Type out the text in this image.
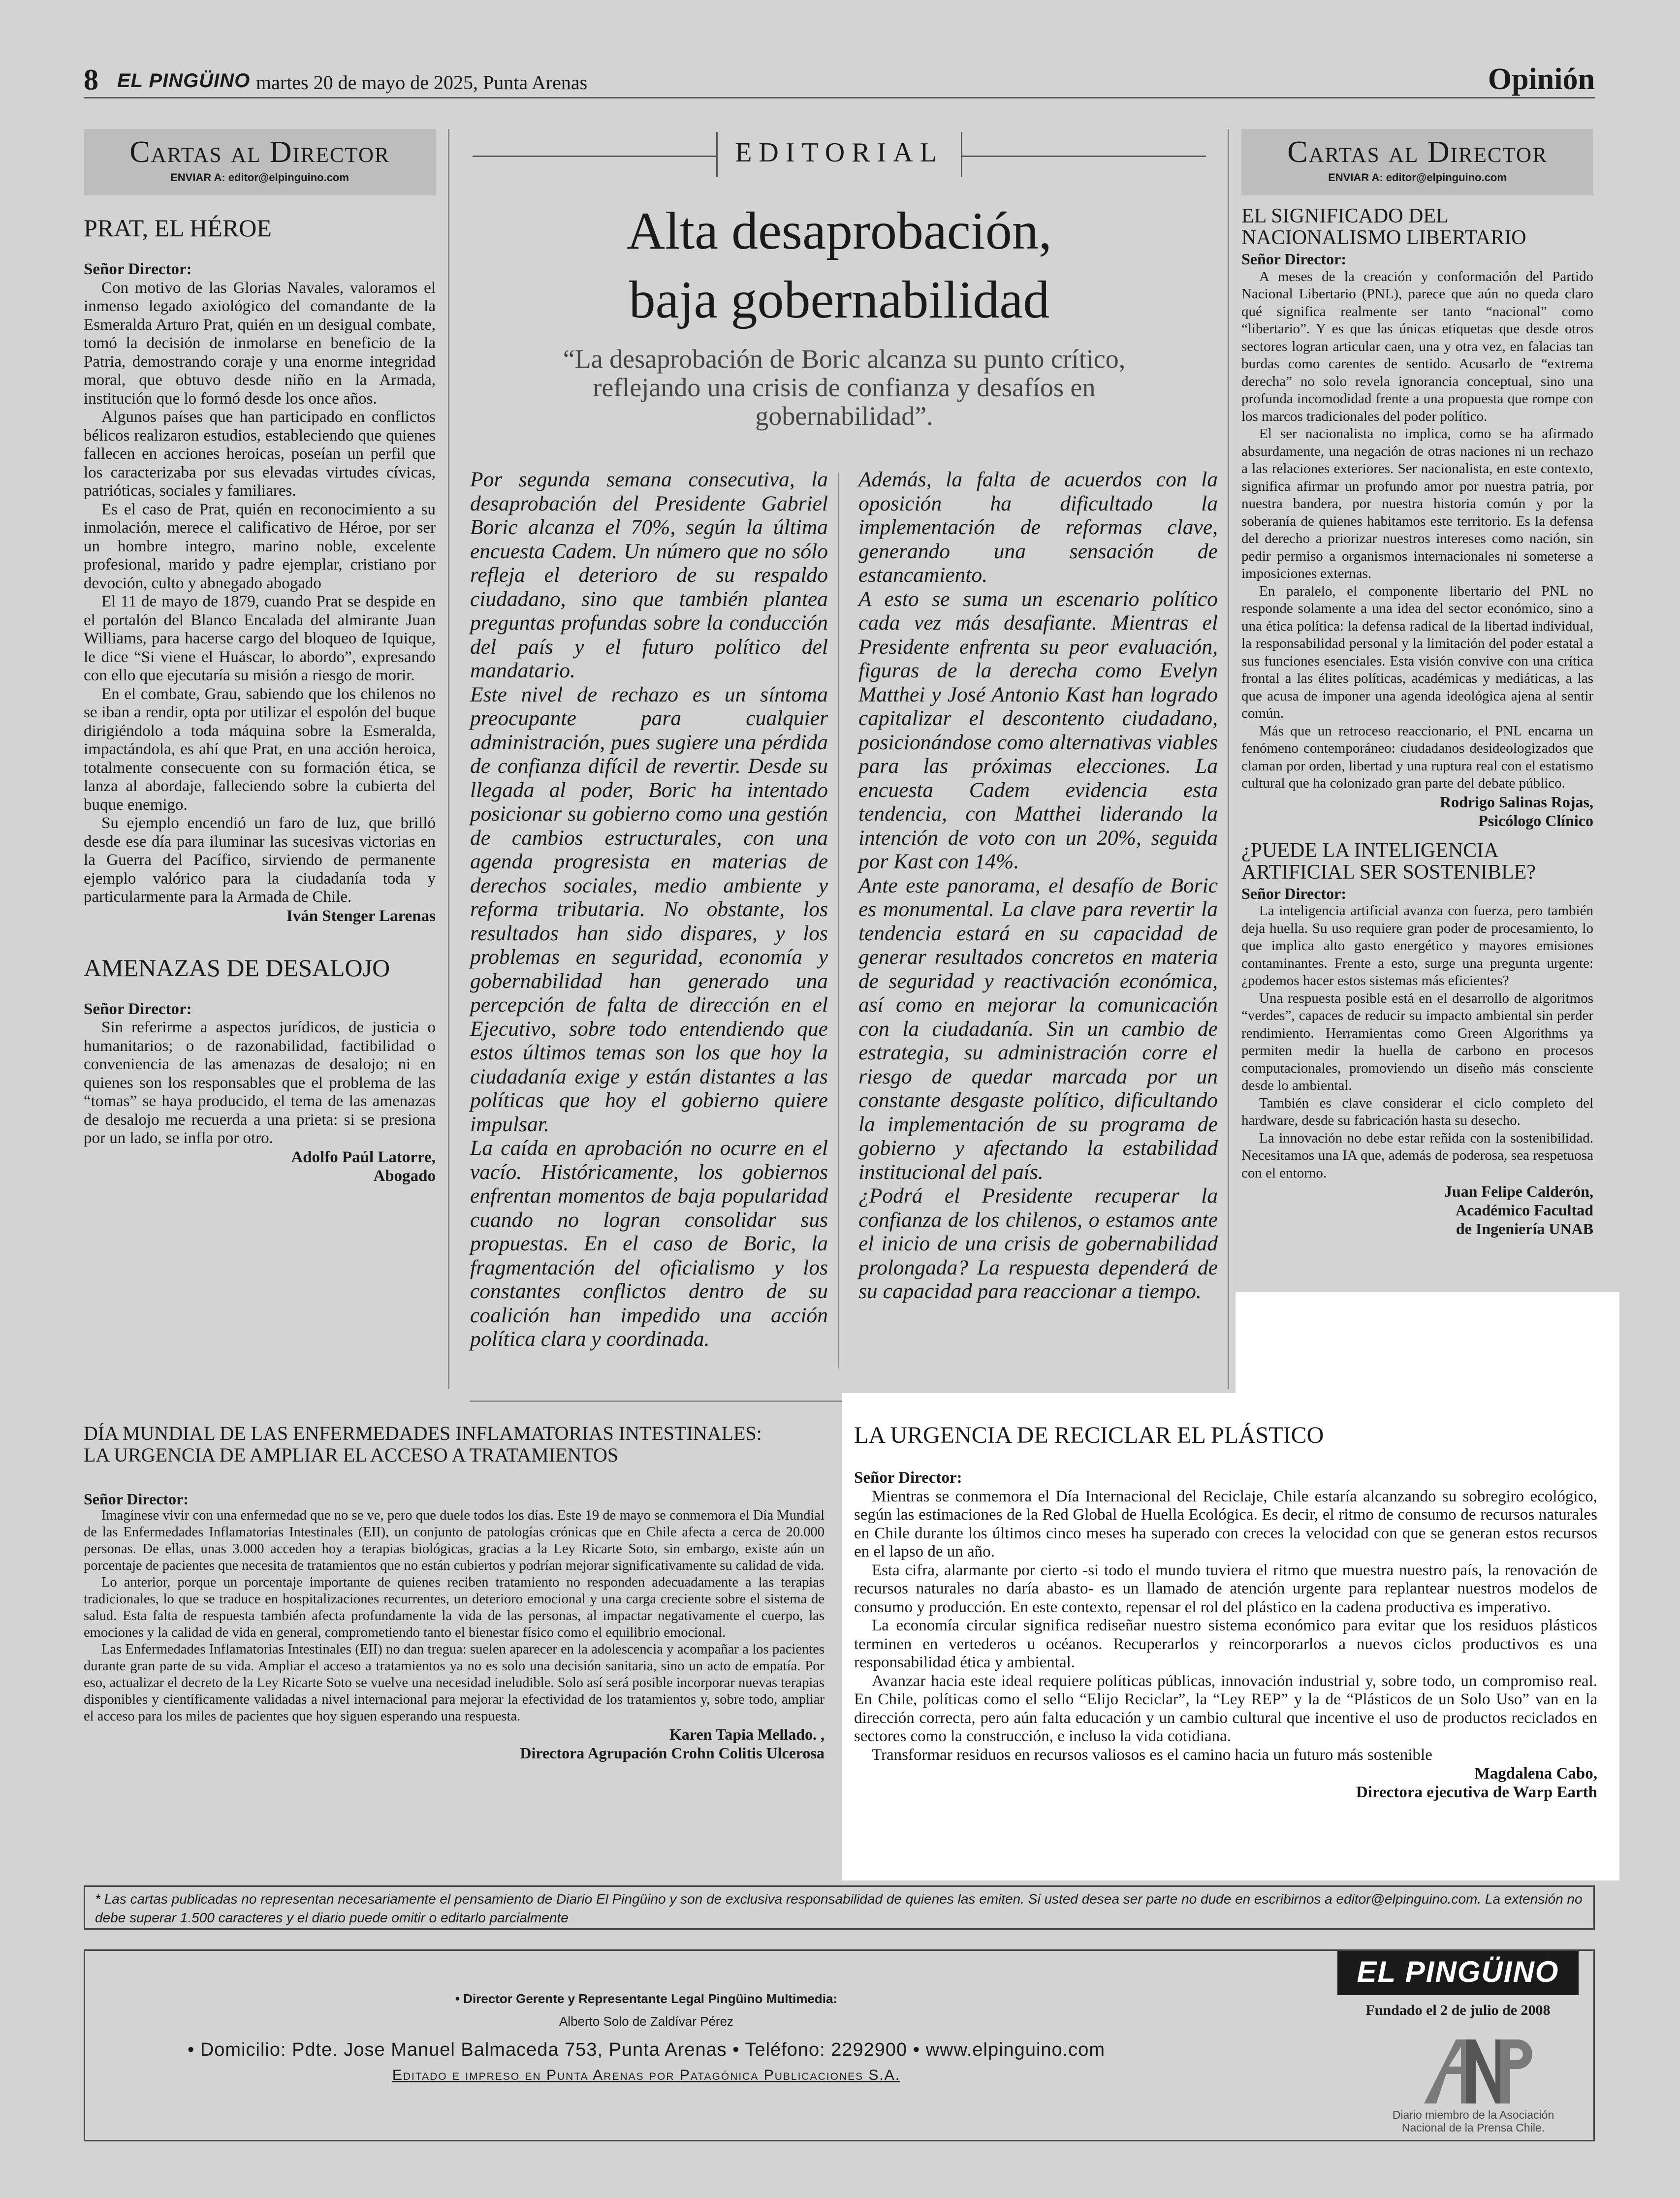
8 EL PINGÜINO martes 20 de mayo de 2025, Punta Arenas	Opinión
Cartas al Director
ENVIAR A: editor@elpinguino.com
PRAT, EL HÉROE

Señor Director:

Con motivo de las Glorias Navales, valoramos el inmenso legado axiológico del comandante de la Esmeralda Arturo Prat, quién en un desigual combate, tomó la decisión de inmolarse en beneficio de la Patria, demostrando coraje y una enorme integridad moral, que obtuvo desde niño en la Armada, institución que lo formó desde los once años.

Algunos países que han participado en conflictos bélicos realizaron estudios, estableciendo que quienes fallecen en acciones heroicas, poseían un perfil que los caracterizaba por sus elevadas virtudes cívicas, patrióticas, sociales y familiares.

Es el caso de Prat, quién en reconocimiento a su inmolación, merece el calificativo de Héroe, por ser un hombre integro, marino noble, excelente profesional, marido y padre ejemplar, cristiano por devoción, culto y abnegado abogado

El 11 de mayo de 1879, cuando Prat se despide en el portalón del Blanco Encalada del almirante Juan Williams, para hacerse cargo del bloqueo de Iquique, le dice “Si viene el Huáscar, lo abordo”, expresando con ello que ejecutaría su misión a riesgo de morir.

En el combate, Grau, sabiendo que los chilenos no se iban a rendir, opta por utilizar el espolón del buque dirigiéndolo a toda máquina sobre la Esmeralda, impactándola, es ahí que Prat, en una acción heroica, totalmente consecuente con su formación ética, se lanza al abordaje, falleciendo sobre la cubierta del buque enemigo.

Su ejemplo encendió un faro de luz, que brilló desde ese día para iluminar las sucesivas victorias en la Guerra del Pacífico, sirviendo de permanente ejemplo valórico para la ciudadanía toda y particularmente para la Armada de Chile.

Iván Stenger Larenas

AMENAZAS DE DESALOJO

Señor Director:

Sin referirme a aspectos jurídicos, de justicia o humanitarios; o de razonabilidad, factibilidad o conveniencia de las amenazas de desalojo; ni en quienes son los responsables que el problema de las “tomas” se haya producido, el tema de las amenazas de desalojo me recuerda a una prieta: si se presiona por un lado, se infla por otro.

Adolfo Paúl Latorre,
Abogado

EDITORIAL
Alta desaprobación,
baja gobernabilidad
“La desaprobación de Boric alcanza su punto crítico, reflejando una crisis de confianza y desafíos en gobernabilidad”.

Por segunda semana consecutiva, la desaprobación del Presidente Gabriel Boric alcanza el 70%, según la última encuesta Cadem. Un número que no sólo refleja el deterioro de su respaldo ciudadano, sino que también plantea preguntas profundas sobre la conducción del país y el futuro político del mandatario.

Este nivel de rechazo es un síntoma preocupante para cualquier administración, pues sugiere una pérdida de confianza difícil de revertir. Desde su llegada al poder, Boric ha intentado posicionar su gobierno como una gestión de cambios estructurales, con una agenda progresista en materias de derechos sociales, medio ambiente y reforma tributaria. No obstante, los resultados han sido dispares, y los problemas en seguridad, economía y gobernabilidad han generado una percepción de falta de dirección en el Ejecutivo, sobre todo entendiendo que estos últimos temas son los que hoy la ciudadanía exige y están distantes a las políticas que hoy el gobierno quiere impulsar.

La caída en aprobación no ocurre en el vacío. Históricamente, los gobiernos enfrentan momentos de baja popularidad cuando no logran consolidar sus propuestas. En el caso de Boric, la fragmentación del oficialismo y los constantes conflictos dentro de su coalición han impedido una acción política clara y coordinada.

Además, la falta de acuerdos con la oposición ha dificultado la implementación de reformas clave, generando una sensación de estancamiento.

A esto se suma un escenario político cada vez más desafiante. Mientras el Presidente enfrenta su peor evaluación, figuras de la derecha como Evelyn Matthei y José Antonio Kast han logrado capitalizar el descontento ciudadano, posicionándose como alternativas viables para las próximas elecciones. La encuesta Cadem evidencia esta tendencia, con Matthei liderando la intención de voto con un 20%, seguida por Kast con 14%.

Ante este panorama, el desafío de Boric es monumental. La clave para revertir la tendencia estará en su capacidad de generar resultados concretos en materia de seguridad y reactivación económica, así como en mejorar la comunicación con la ciudadanía. Sin un cambio de estrategia, su administración corre el riesgo de quedar marcada por un constante desgaste político, dificultando la implementación de su programa de gobierno y afectando la estabilidad institucional del país.

¿Podrá el Presidente recuperar la confianza de los chilenos, o estamos ante el inicio de una crisis de gobernabilidad prolongada? La respuesta dependerá de su capacidad para reaccionar a tiempo.

Cartas al Director
ENVIAR A: editor@elpinguino.com
EL SIGNIFICADO DEL NACIONALISMO LIBERTARIO

Señor Director:

A meses de la creación y conformación del Partido Nacional Libertario (PNL), parece que aún no queda claro qué significa realmente ser tanto “nacional” como “libertario”. Y es que las únicas etiquetas que desde otros sectores logran articular caen, una y otra vez, en falacias tan burdas como carentes de sentido. Acusarlo de “extrema derecha” no solo revela ignorancia conceptual, sino una profunda incomodidad frente a una propuesta que rompe con los marcos tradicionales del poder político.

El ser nacionalista no implica, como se ha afirmado absurdamente, una negación de otras naciones ni un rechazo a las relaciones exteriores. Ser nacionalista, en este contexto, significa afirmar un profundo amor por nuestra patria, por nuestra bandera, por nuestra historia común y por la soberanía de quienes habitamos este territorio. Es la defensa del derecho a priorizar nuestros intereses como nación, sin pedir permiso a organismos internacionales ni someterse a imposiciones externas.

En paralelo, el componente libertario del PNL no responde solamente a una idea del sector económico, sino a una ética política: la defensa radical de la libertad individual, la responsabilidad personal y la limitación del poder estatal a sus funciones esenciales. Esta visión convive con una crítica frontal a las élites políticas, académicas y mediáticas, a las que acusa de imponer una agenda ideológica ajena al sentir común.

Más que un retroceso reaccionario, el PNL encarna un fenómeno contemporáneo: ciudadanos desideologizados que claman por orden, libertad y una ruptura real con el estatismo cultural que ha colonizado gran parte del debate público.

Rodrigo Salinas Rojas,
Psicólogo Clínico

¿PUEDE LA INTELIGENCIA ARTIFICIAL SER SOSTENIBLE?

Señor Director:

La inteligencia artificial avanza con fuerza, pero también deja huella. Su uso requiere gran poder de procesamiento, lo que implica alto gasto energético y mayores emisiones contaminantes. Frente a esto, surge una pregunta urgente: ¿podemos hacer estos sistemas más eficientes?

Una respuesta posible está en el desarrollo de algoritmos “verdes”, capaces de reducir su impacto ambiental sin perder rendimiento. Herramientas como Green Algorithms ya permiten medir la huella de carbono en procesos computacionales, promoviendo un diseño más consciente desde lo ambiental.

También es clave considerar el ciclo completo del hardware, desde su fabricación hasta su desecho.

La innovación no debe estar reñida con la sostenibilidad. Necesitamos una IA que, además de poderosa, sea respetuosa con el entorno.

Juan Felipe Calderón,
Académico Facultad
de Ingeniería UNAB

DÍA MUNDIAL DE LAS ENFERMEDADES INFLAMATORIAS INTESTINALES:
LA URGENCIA DE AMPLIAR EL ACCESO A TRATAMIENTOS

Señor Director:

Imagínese vivir con una enfermedad que no se ve, pero que duele todos los días. Este 19 de mayo se conmemora el Día Mundial de las Enfermedades Inflamatorias Intestinales (EII), un conjunto de patologías crónicas que en Chile afecta a cerca de 20.000 personas. De ellas, unas 3.000 acceden hoy a terapias biológicas, gracias a la Ley Ricarte Soto, sin embargo, existe aún un porcentaje de pacientes que necesita de tratamientos que no están cubiertos y podrían mejorar significativamente su calidad de vida.

Lo anterior, porque un porcentaje importante de quienes reciben tratamiento no responden adecuadamente a las terapias tradicionales, lo que se traduce en hospitalizaciones recurrentes, un deterioro emocional y una carga creciente sobre el sistema de salud. Esta falta de respuesta también afecta profundamente la vida de las personas, al impactar negativamente el cuerpo, las emociones y la calidad de vida en general, comprometiendo tanto el bienestar físico como el equilibrio emocional.

Las Enfermedades Inflamatorias Intestinales (EII) no dan tregua: suelen aparecer en la adolescencia y acompañar a los pacientes durante gran parte de su vida. Ampliar el acceso a tratamientos ya no es solo una decisión sanitaria, sino un acto de empatía. Por eso, actualizar el decreto de la Ley Ricarte Soto se vuelve una necesidad ineludible. Solo así será posible incorporar nuevas terapias disponibles y científicamente validadas a nivel internacional para mejorar la efectividad de los tratamientos y, sobre todo, ampliar el acceso para los miles de pacientes que hoy siguen esperando una respuesta.

Karen Tapia Mellado. ,
Directora Agrupación Crohn Colitis Ulcerosa

LA URGENCIA DE RECICLAR EL PLÁSTICO

Señor Director:

Mientras se conmemora el Día Internacional del Reciclaje, Chile estaría alcanzando su sobregiro ecológico, según las estimaciones de la Red Global de Huella Ecológica. Es decir, el ritmo de consumo de recursos naturales en Chile durante los últimos cinco meses ha superado con creces la velocidad con que se generan estos recursos en el lapso de un año.

Esta cifra, alarmante por cierto -si todo el mundo tuviera el ritmo que muestra nuestro país, la renovación de recursos naturales no daría abasto- es un llamado de atención urgente para replantear nuestros modelos de consumo y producción. En este contexto, repensar el rol del plástico en la cadena productiva es imperativo.

La economía circular significa rediseñar nuestro sistema económico para evitar que los residuos plásticos terminen en vertederos u océanos. Recuperarlos y reincorporarlos a nuevos ciclos productivos es una responsabilidad ética y ambiental.

Avanzar hacia este ideal requiere políticas públicas, innovación industrial y, sobre todo, un compromiso real. En Chile, políticas como el sello “Elijo Reciclar”, la “Ley REP” y la de “Plásticos de un Solo Uso” van en la dirección correcta, pero aún falta educación y un cambio cultural que incentive el uso de productos reciclados en sectores como la construcción, e incluso la vida cotidiana.

Transformar residuos en recursos valiosos es el camino hacia un futuro más sostenible

Magdalena Cabo,
Directora ejecutiva de Warp Earth

* Las cartas publicadas no representan necesariamente el pensamiento de Diario El Pingüino y son de exclusiva responsabilidad de quienes las emiten. Si usted desea ser parte no dude en escribirnos a editor@elpinguino.com. La extensión no debe superar 1.500 caracteres y el diario puede omitir o editarlo parcialmente
• Director Gerente y Representante Legal Pingüino Multimedia:
Alberto Solo de Zaldívar Pérez
• Domicilio: Pdte. Jose Manuel Balmaceda 753, Punta Arenas • Teléfono: 2292900 • www.elpinguino.com
Editado e impreso en Punta Arenas por Patagónica Publicaciones S.A.
EL PINGÜINO
Fundado el 2 de julio de 2008
Diario miembro de la Asociación
Nacional de la Prensa Chile.
